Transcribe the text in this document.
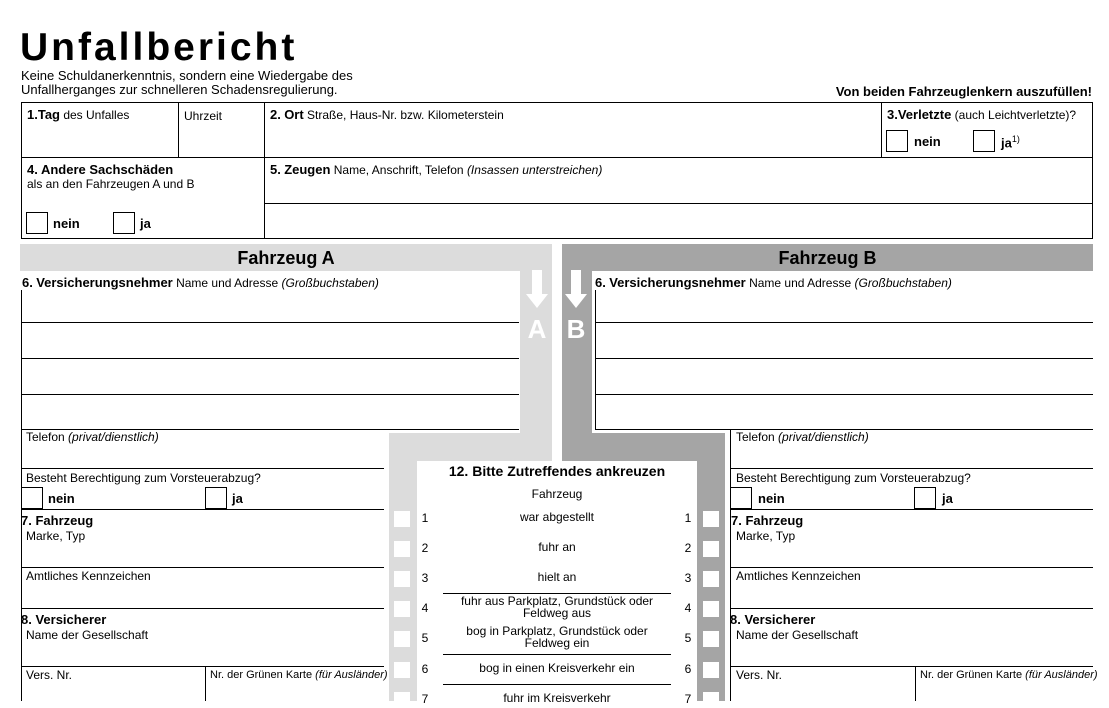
Unfallbericht
Keine Schuldanerkenntnis, sondern eine Wiedergabe des
Unfallherganges zur schnelleren Schadensregulierung.	Von beiden Fahrzeuglenkern auszufüllen!
1.Tag des Unfalles	Uhrzeit	2. Ort Straße, Haus-Nr. bzw. Kilometerstein	3.Verletzte (auch Leichtverletzte)?
nein	$ja^{1)}$
4. Andere Sachschäden
als an den Fahrzeugen A und B
nein	ja
5. Zeugen Name, Anschrift, Telefon (Insassen unterstreichen)
Fahrzeug A	Fahrzeug B
A B
6. Versicherungsnehmer Name und Adresse (Großbuchstaben)
Telefon (privat/dienstlich)
Besteht Berechtigung zum Vorsteuerabzug?
nein	ja
7. Fahrzeug
Marke, Typ
Amtliches Kennzeichen
8. Versicherer
Name der Gesellschaft
Vers. Nr.	Nr. der Grünen Karte (für Ausländer)
6. Versicherungsnehmer Name und Adresse (Großbuchstaben)
Telefon (privat/dienstlich)
Besteht Berechtigung zum Vorsteuerabzug?
nein	ja
7. Fahrzeug
Marke, Typ
Amtliches Kennzeichen
8. Versicherer
Name der Gesellschaft
Vers. Nr.	Nr. der Grünen Karte (für Ausländer)
12. Bitte Zutreffendes ankreuzen
Fahrzeug
1	war abgestellt	1
2	fuhr an	2
3	hielt an	3
4	fuhr aus Parkplatz, Grundstück oder Feldweg aus	4
5	bog in Parkplatz, Grundstück oder Feldweg ein	5
6	bog in einen Kreisverkehr ein	6
7	fuhr im Kreisverkehr	7
